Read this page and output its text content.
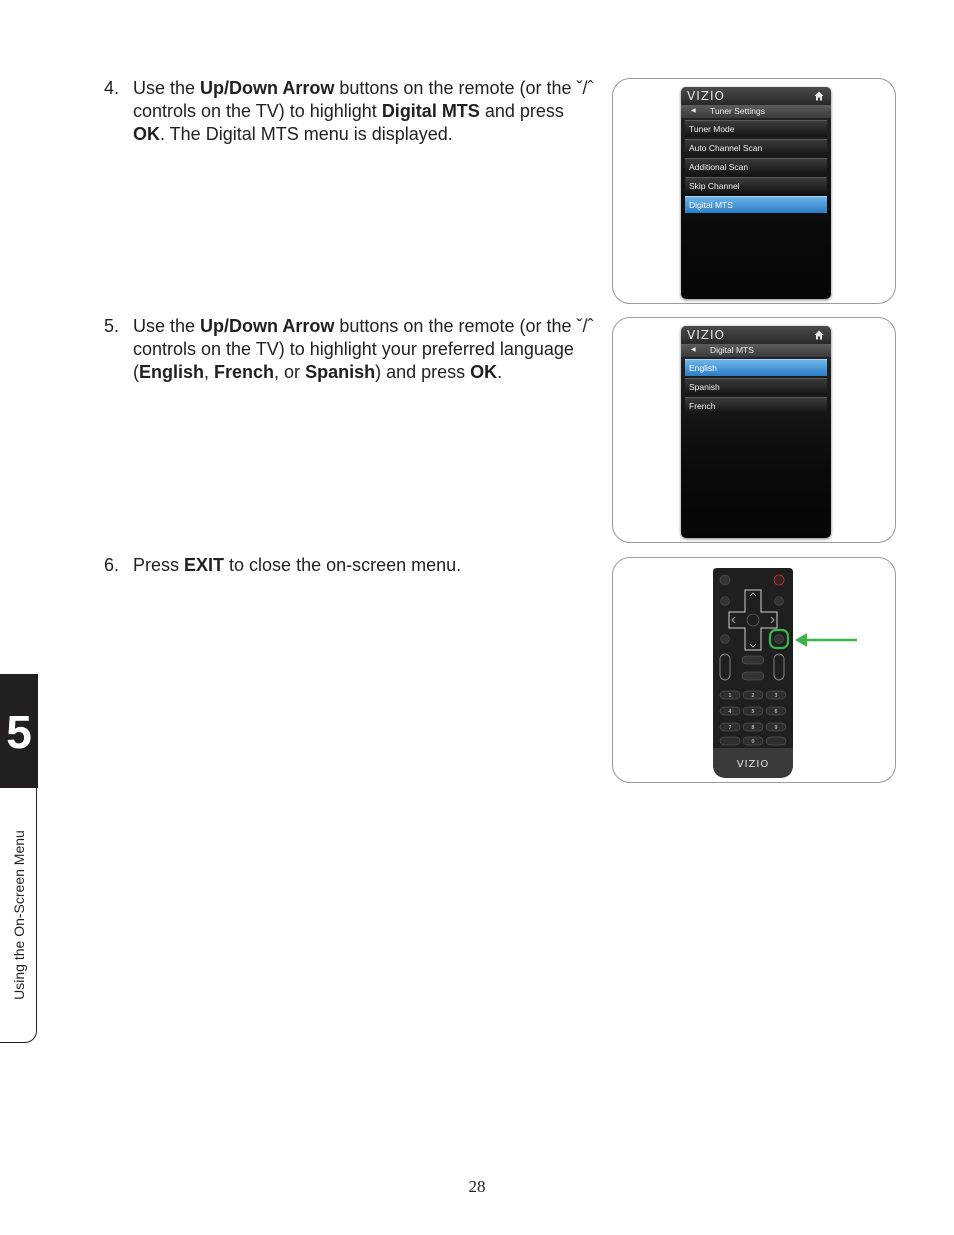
4. Use the Up/Down Arrow buttons on the remote (or the ˇ/ˆ controls on the TV) to highlight Digital MTS and press OK. The Digital MTS menu is displayed.
5. Use the Up/Down Arrow buttons on the remote (or the ˇ/ˆ controls on the TV) to highlight your preferred language (English, French, or Spanish) and press OK.
6. Press EXIT to close the on-screen menu.
VIZIO
◀ Tuner Settings
Tuner Mode
Auto Channel Scan
Additional Scan
Skip Channel
Digital MTS
VIZIO
◀ Digital MTS
English
Spanish
French
1	2	3
4	5	6
7	8	9
0
VIZIO
5
Using the On-Screen Menu
28
